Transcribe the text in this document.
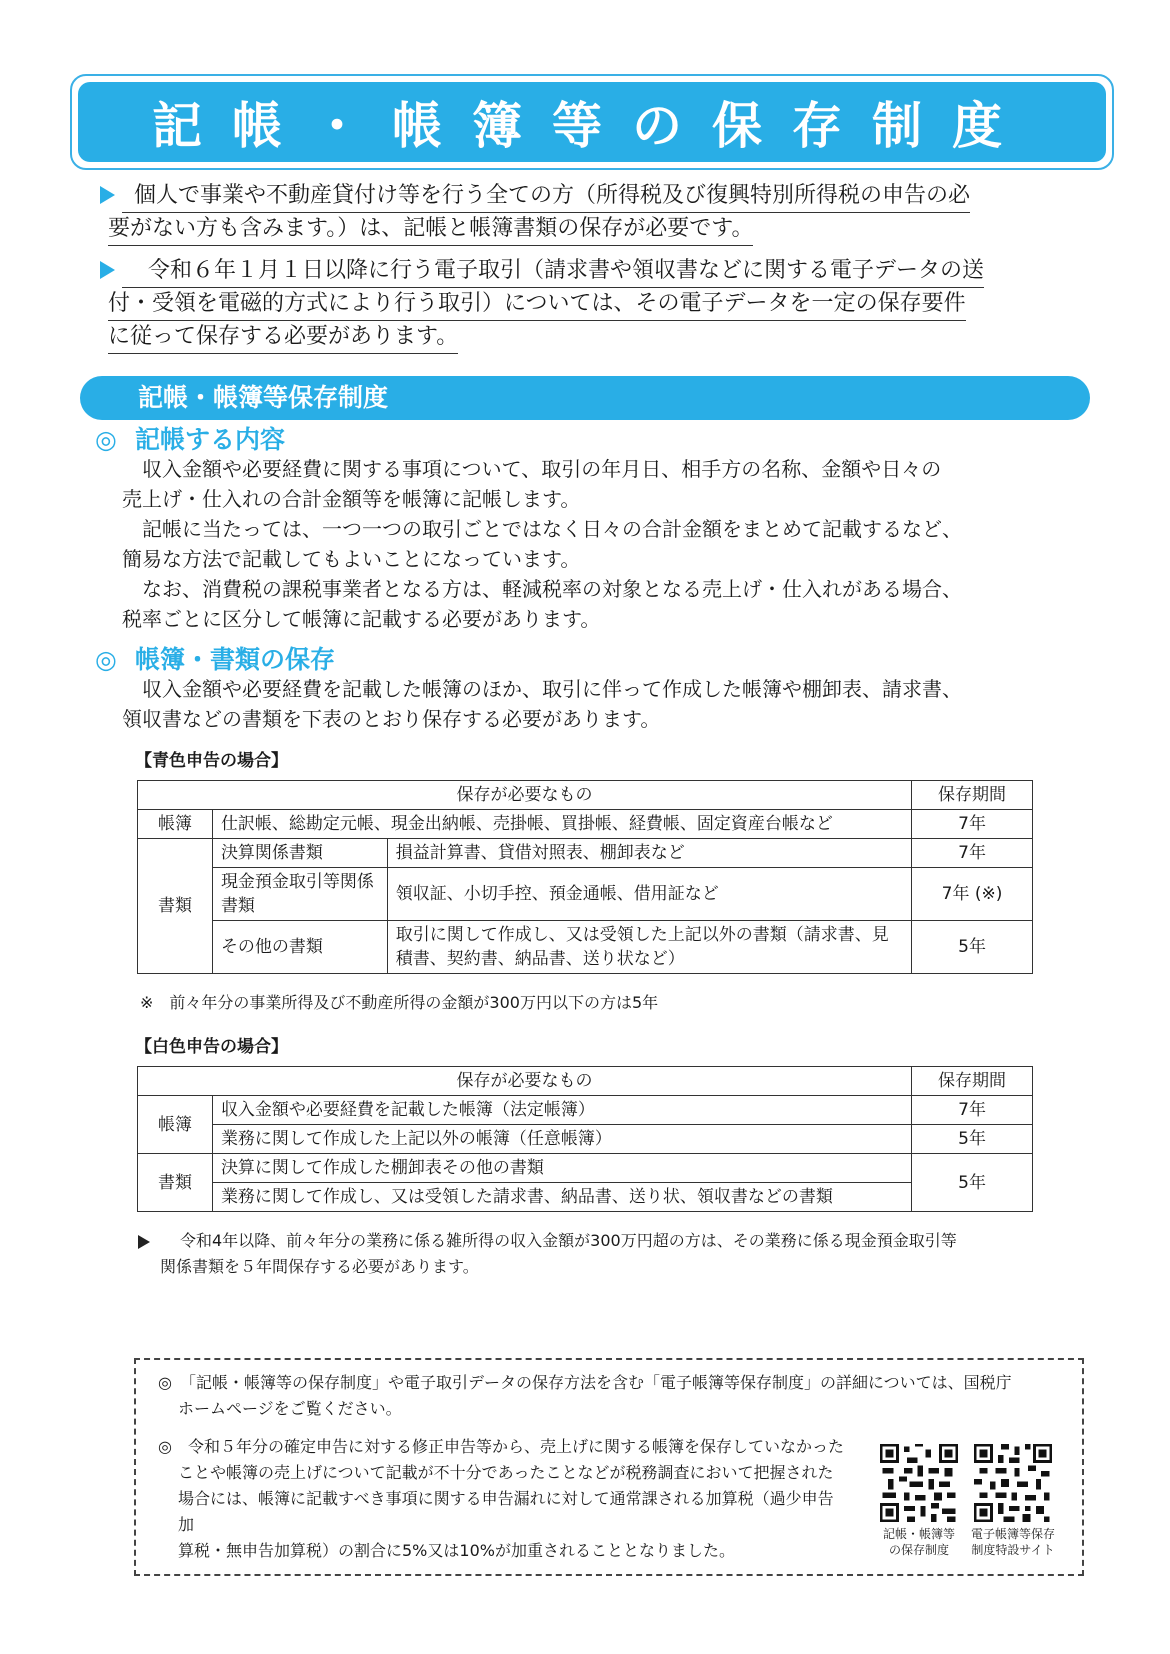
記帳・帳簿等の保存制度
個人で事業や不動産貸付け等を行う全ての方（所得税及び復興特別所得税の申告の必
要がない方も含みます。）は、記帳と帳簿書類の保存が必要です。
令和６年１月１日以降に行う電子取引（請求書や領収書などに関する電子データの送
付・受領を電磁的方式により行う取引）については、その電子データを一定の保存要件
に従って保存する必要があります。
記帳・帳簿等保存制度
◎ 記帳する内容

収入金額や必要経費に関する事項について、取引の年月日、相手方の名称、金額や日々の

売上げ・仕入れの合計金額等を帳簿に記帳します。

記帳に当たっては、一つ一つの取引ごとではなく日々の合計金額をまとめて記載するなど、

簡易な方法で記載してもよいことになっています。

なお、消費税の課税事業者となる方は、軽減税率の対象となる売上げ・仕入れがある場合、

税率ごとに区分して帳簿に記載する必要があります。

◎ 帳簿・書類の保存

収入金額や必要経費を記載した帳簿のほか、取引に伴って作成した帳簿や棚卸表、請求書、

領収書などの書類を下表のとおり保存する必要があります。

【青色申告の場合】
保存が必要なもの			保存期間
帳簿	仕訳帳、総勘定元帳、現金出納帳、売掛帳、買掛帳、経費帳、固定資産台帳など		7年
書類	決算関係書類	損益計算書、貸借対照表、棚卸表など	7年
	現金預金取引等関係書類	領収証、小切手控、預金通帳、借用証など	7年 (※)
	その他の書類	取引に関して作成し、又は受領した上記以外の書類（請求書、見積書、契約書、納品書、送り状など）	5年
※　前々年分の事業所得及び不動産所得の金額が300万円以下の方は5年
【白色申告の場合】
保存が必要なもの		保存期間
帳簿	収入金額や必要経費を記載した帳簿（法定帳簿）	7年
	業務に関して作成した上記以外の帳簿（任意帳簿）	5年
書類	決算に関して作成した棚卸表その他の書類	5年
	業務に関して作成し、又は受領した請求書、納品書、送り状、領収書などの書類	
令和4年以降、前々年分の業務に係る雑所得の収入金額が300万円超の方は、その業務に係る現金預金取引等
関係書類を５年間保存する必要があります。
◎　「記帳・帳簿等の保存制度」や電子取引データの保存方法を含む「電子帳簿等保存制度」の詳細については、国税庁
ホームページをご覧ください。
◎　令和５年分の確定申告に対する修正申告等から、売上げに関する帳簿を保存していなかった
ことや帳簿の売上げについて記載が不十分であったことなどが税務調査において把握された
場合には、帳簿に記載すべき事項に関する申告漏れに対して通常課される加算税（過少申告加
算税・無申告加算税）の割合に5%又は10%が加重されることとなりました。
記帳・帳簿等
の保存制度
電子帳簿等保存
制度特設サイト
